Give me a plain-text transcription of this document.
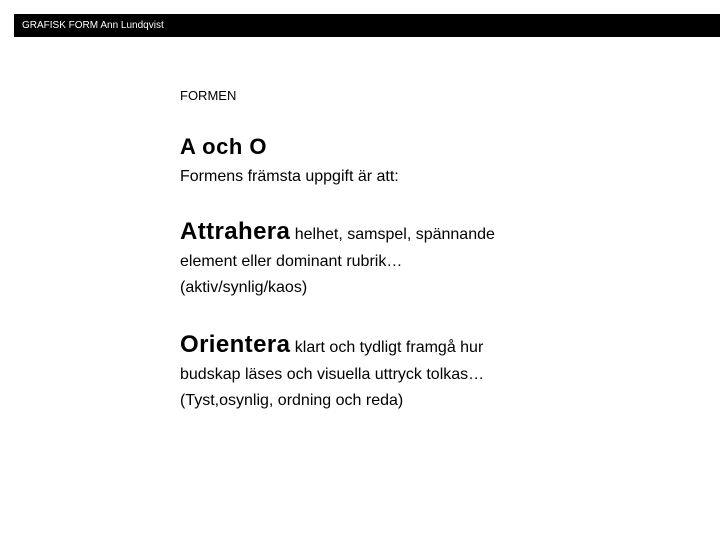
GRAFISK FORM Ann Lundqvist
FORMEN
A och O
Formens främsta uppgift är att:
Attrahera helhet, samspel, spännande
element eller dominant rubrik…
(aktiv/synlig/kaos)
Orientera klart och tydligt framgå hur
budskap läses och visuella uttryck tolkas…
(Tyst,osynlig, ordning och reda)
